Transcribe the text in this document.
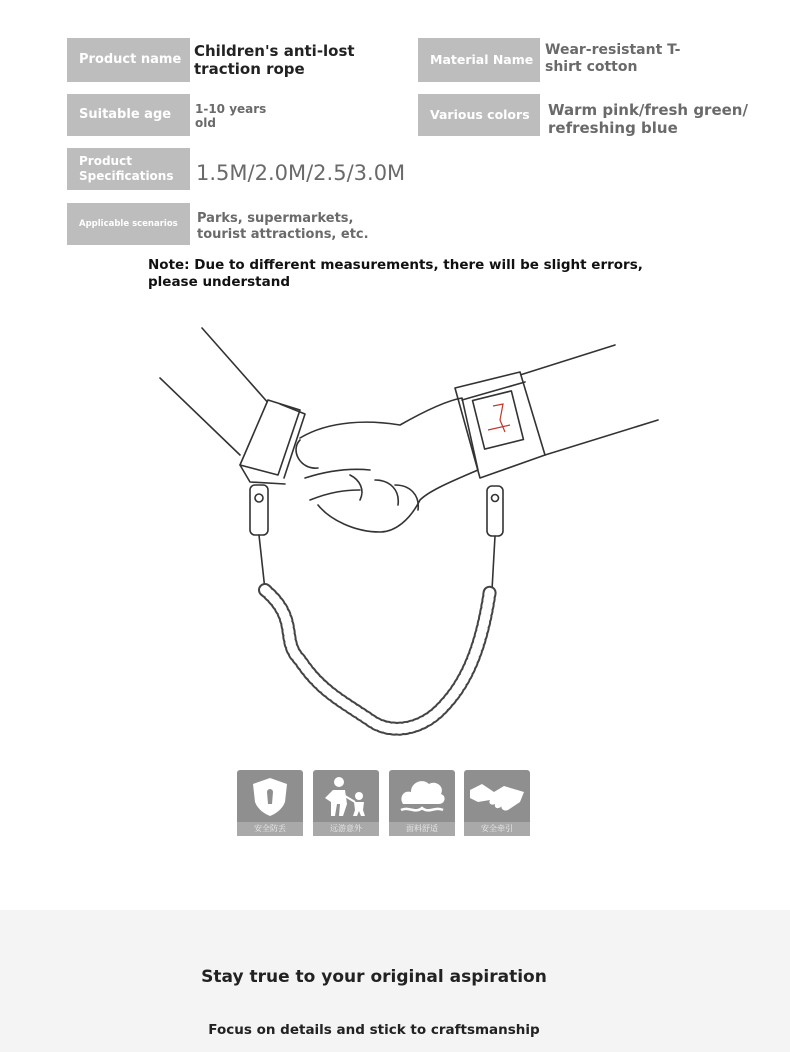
Product name Children's anti-lost traction rope
Material Name
Wear-resistant T-shirt cotton
Suitable age 1-10 years old
Various colors Warm pink/fresh green/ refreshing blue
Product Specifications	1.5M/2.0M/2.5/3.0M
Applicable scenarios Parks, supermarkets, tourist attractions, etc.
Note: Due to different measurements, there will be slight errors, please understand
安全防丢	远游意外	面料舒适	安全牵引
Stay true to your original aspiration
Focus on details and stick to craftsmanship
